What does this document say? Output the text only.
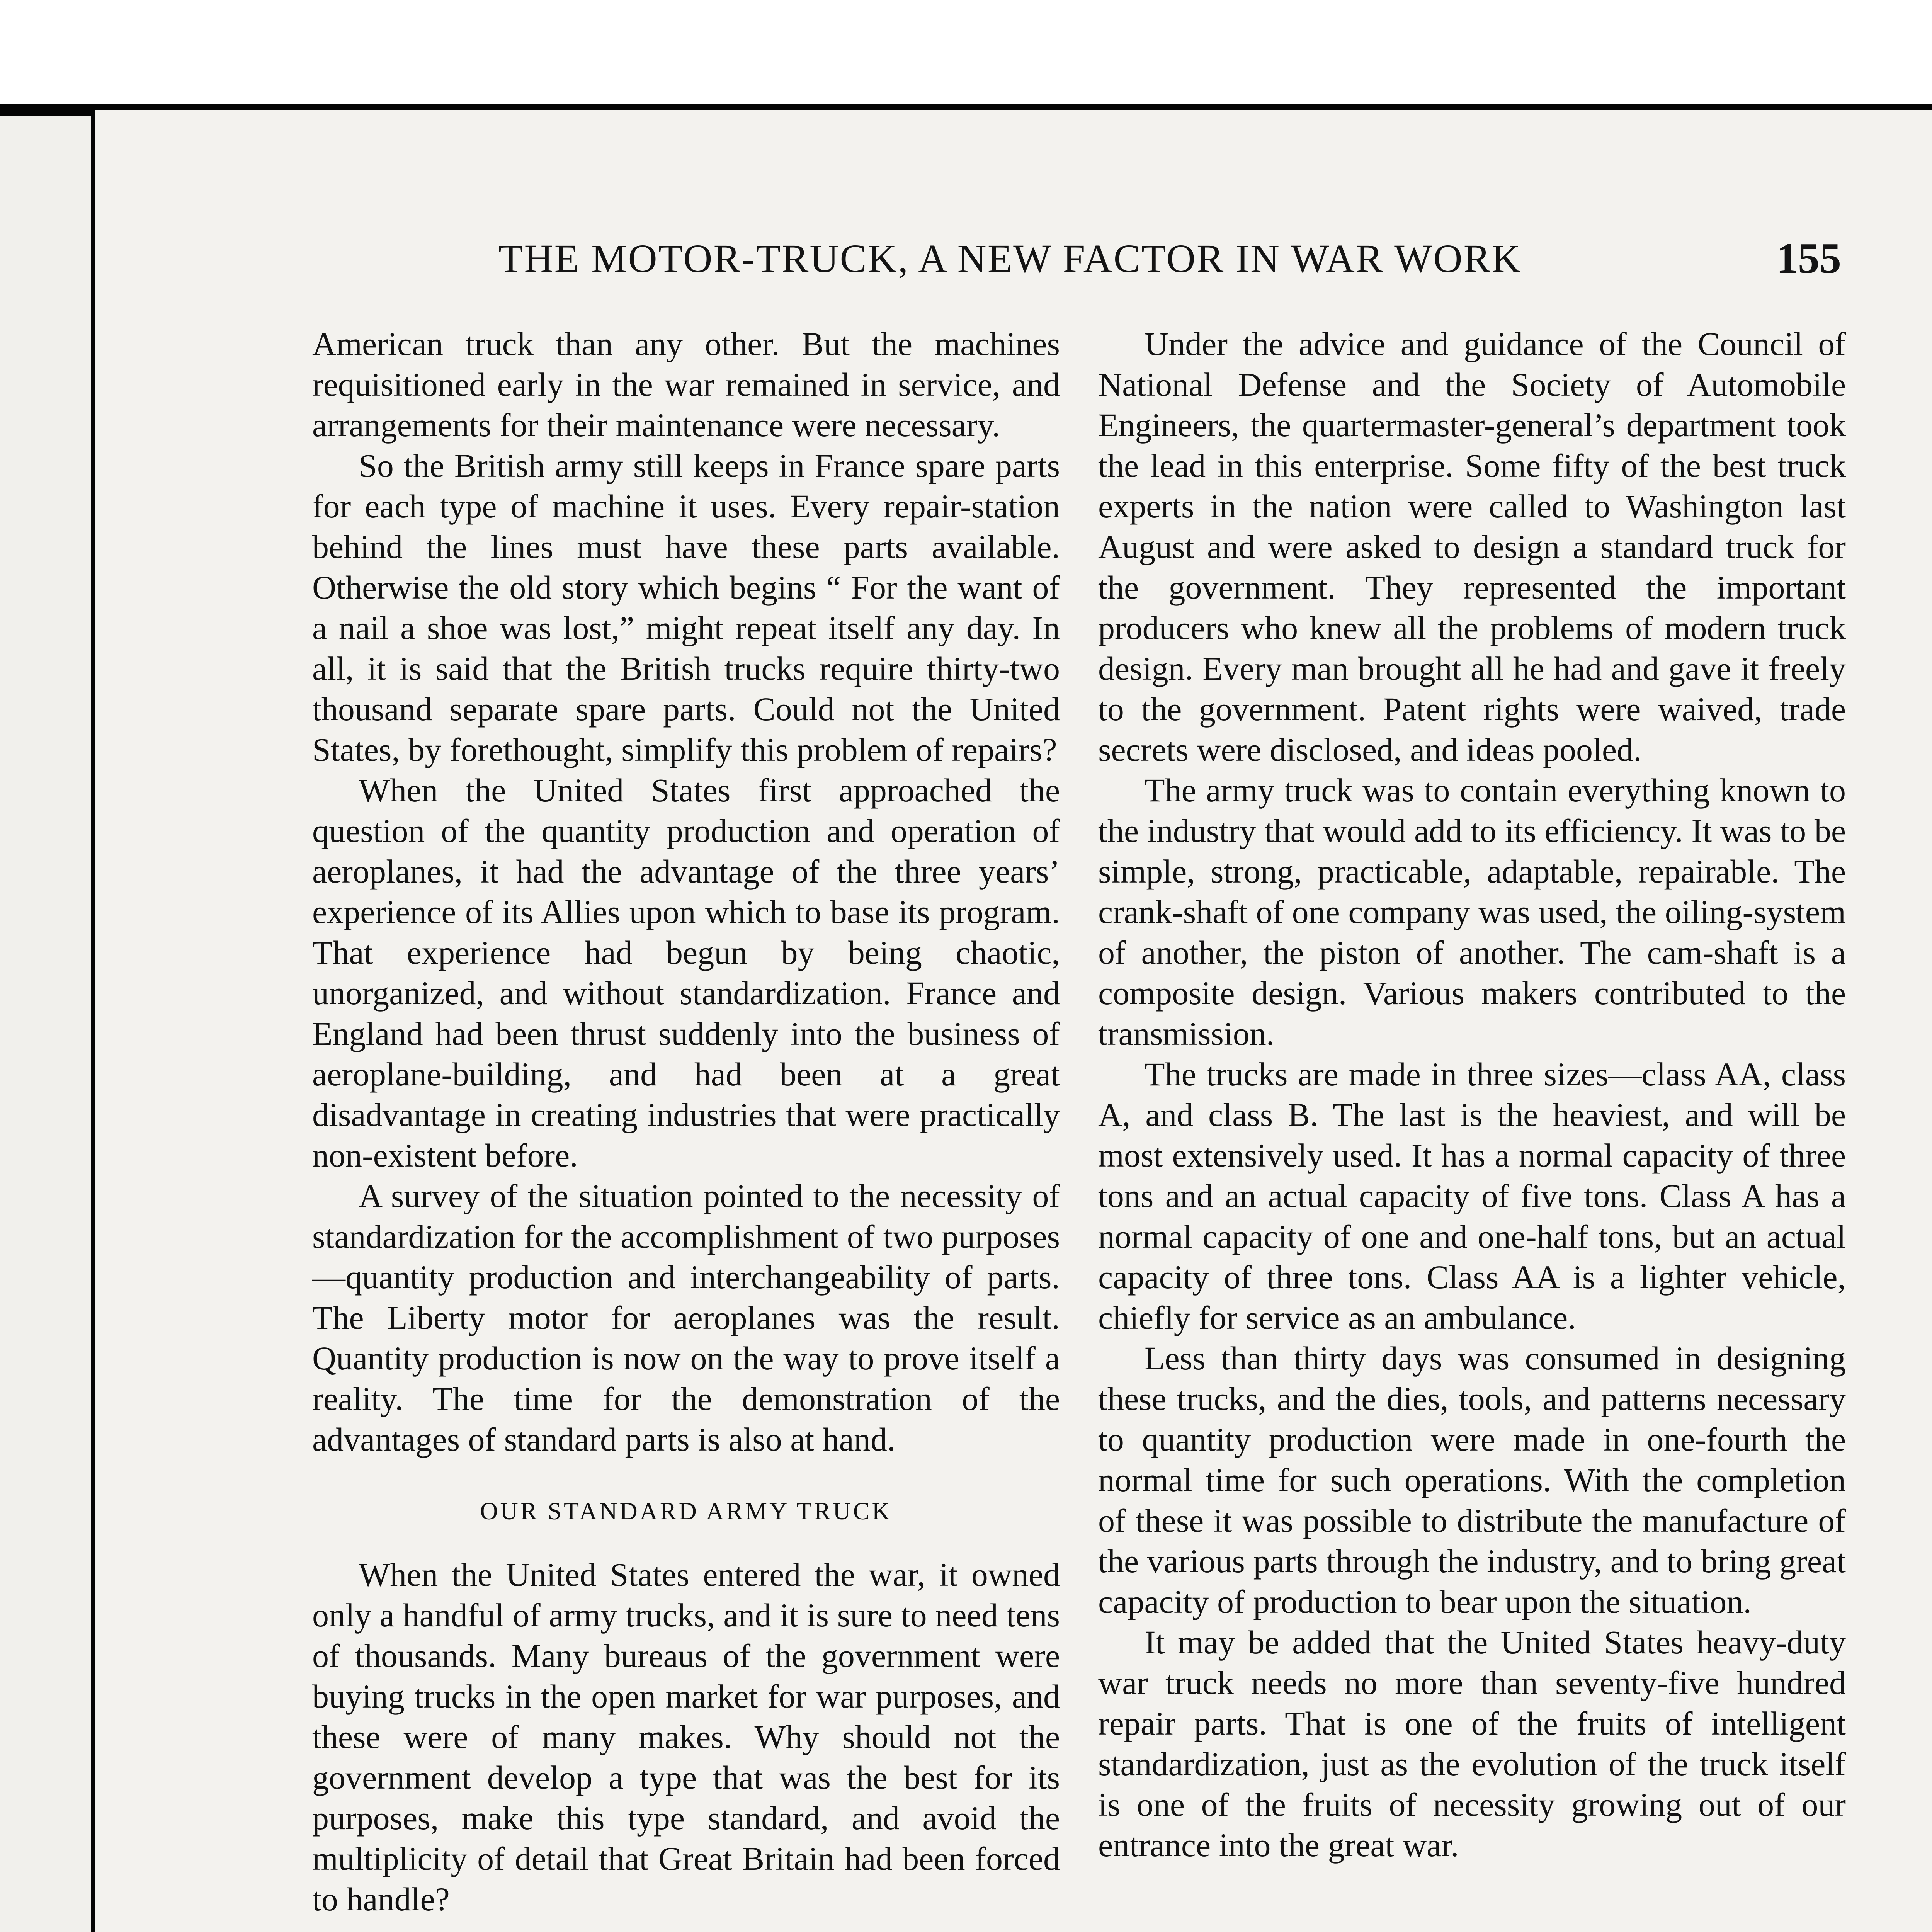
THE MOTOR-TRUCK, A NEW FACTOR IN WAR WORK	155

American truck than any other. But the machines requisitioned early in the war remained in service, and arrangements for their maintenance were necessary.

So the British army still keeps in France spare parts for each type of machine it uses. Every repair-station behind the lines must have these parts available. Otherwise the old story which begins “ For the want of a nail a shoe was lost,” might repeat itself any day. In all, it is said that the British trucks require thirty-two thousand separate spare parts. Could not the United States, by forethought, simplify this problem of repairs?

When the United States first approached the question of the quantity production and operation of aeroplanes, it had the advantage of the three years’ experience of its Allies upon which to base its program. That experience had begun by being chaotic, unorganized, and without standardization. France and England had been thrust suddenly into the business of aeroplane-building, and had been at a great disadvantage in creating industries that were practically non-existent before.

A survey of the situation pointed to the necessity of standardization for the accomplishment of two purposes—quantity production and interchangeability of parts. The Liberty motor for aeroplanes was the result. Quantity production is now on the way to prove itself a reality. The time for the demonstration of the advantages of standard parts is also at hand.

OUR STANDARD ARMY TRUCK

When the United States entered the war, it owned only a handful of army trucks, and it is sure to need tens of thousands. Many bureaus of the government were buying trucks in the open market for war purposes, and these were of many makes. Why should not the government develop a type that was the best for its purposes, make this type standard, and avoid the multiplicity of detail that Great Britain had been forced to handle?

Under the advice and guidance of the Council of National Defense and the Society of Automobile Engineers, the quartermaster-general’s department took the lead in this enterprise. Some fifty of the best truck experts in the nation were called to Washington last August and were asked to design a standard truck for the government. They represented the important producers who knew all the problems of modern truck design. Every man brought all he had and gave it freely to the government. Patent rights were waived, trade secrets were disclosed, and ideas pooled.

The army truck was to contain everything known to the industry that would add to its efficiency. It was to be simple, strong, practicable, adaptable, repairable. The crank-shaft of one company was used, the oiling-system of another, the piston of another. The cam-shaft is a composite design. Various makers contributed to the transmission.

The trucks are made in three sizes—class AA, class A, and class B. The last is the heaviest, and will be most extensively used. It has a normal capacity of three tons and an actual capacity of five tons. Class A has a normal capacity of one and one-half tons, but an actual capacity of three tons. Class AA is a lighter vehicle, chiefly for service as an ambulance.

Less than thirty days was consumed in designing these trucks, and the dies, tools, and patterns necessary to quantity production were made in one-fourth the normal time for such operations. With the completion of these it was possible to distribute the manufacture of the various parts through the industry, and to bring great capacity of production to bear upon the situation.

It may be added that the United States heavy-duty war truck needs no more than seventy-five hundred repair parts. That is one of the fruits of intelligent standardization, just as the evolution of the truck itself is one of the fruits of necessity growing out of our entrance into the great war.
